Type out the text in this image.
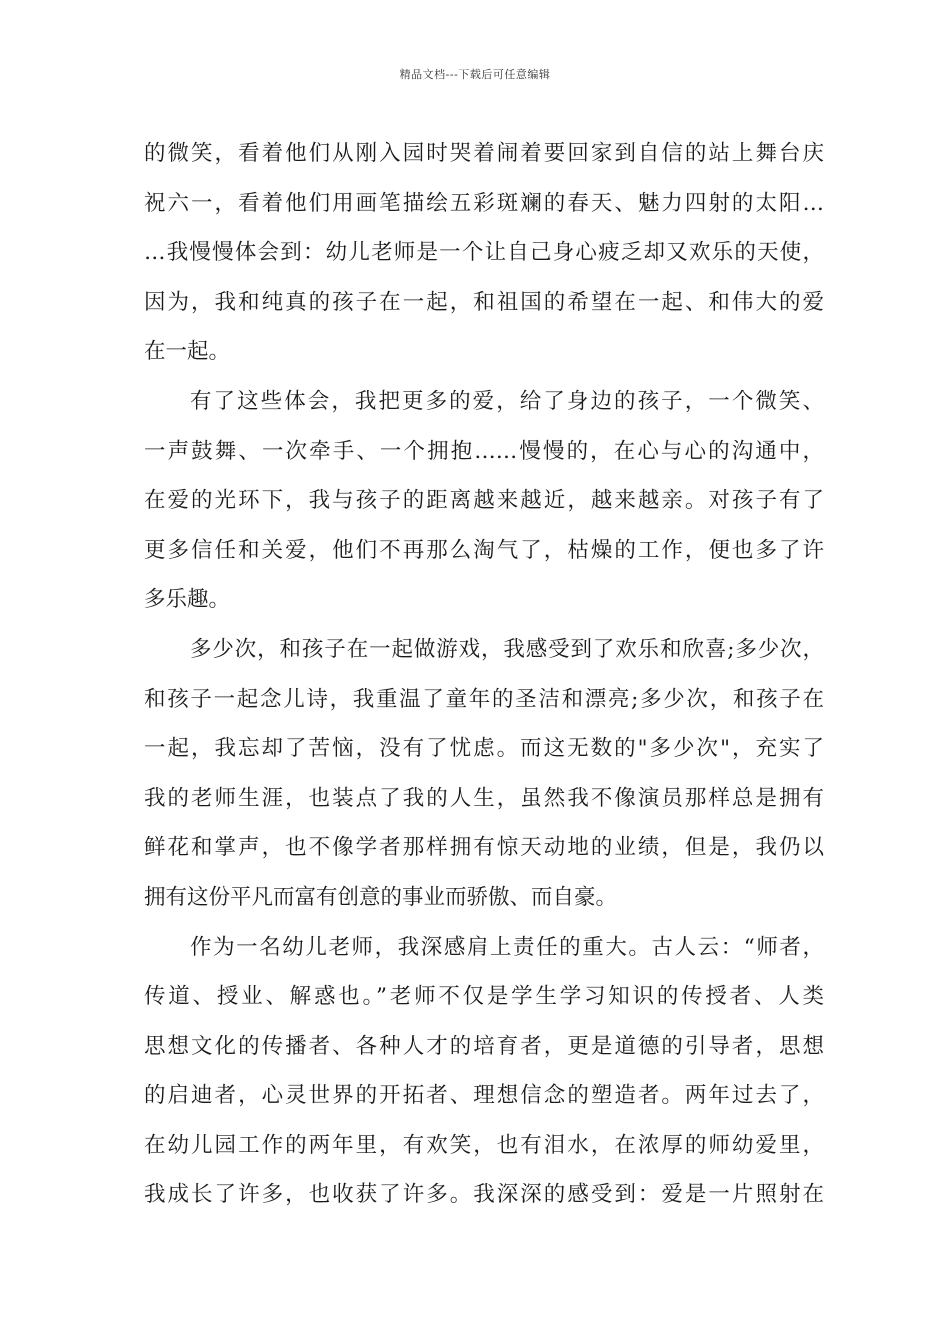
精品文档---下载后可任意编辑
的微笑，看着他们从刚入园时哭着闹着要回家到自信的站上舞台庆
祝六一，看着他们用画笔描绘五彩斑斓的春天、魅力四射的太阳…
…我慢慢体会到：幼儿老师是一个让自己身心疲乏却又欢乐的天使，
因为，我和纯真的孩子在一起，和祖国的希望在一起、和伟大的爱
在一起。
有了这些体会，我把更多的爱，给了身边的孩子，一个微笑、
一声鼓舞、一次牵手、一个拥抱……慢慢的，在心与心的沟通中，
在爱的光环下，我与孩子的距离越来越近，越来越亲。对孩子有了
更多信任和关爱，他们不再那么淘气了，枯燥的工作，便也多了许
多乐趣。
多少次，和孩子在一起做游戏，我感受到了欢乐和欣喜;多少次，
和孩子一起念儿诗，我重温了童年的圣洁和漂亮;多少次，和孩子在
一起，我忘却了苦恼，没有了忧虑。而这无数的"多少次"，充实了
我的老师生涯，也装点了我的人生，虽然我不像演员那样总是拥有
鲜花和掌声，也不像学者那样拥有惊天动地的业绩，但是，我仍以
拥有这份平凡而富有创意的事业而骄傲、而自豪。
作为一名幼儿老师，我深感肩上责任的重大。古人云：“师者，
传道、授业、解惑也。”老师不仅是学生学习知识的传授者、人类
思想文化的传播者、各种人才的培育者，更是道德的引导者，思想
的启迪者，心灵世界的开拓者、理想信念的塑造者。两年过去了，
在幼儿园工作的两年里，有欢笑，也有泪水，在浓厚的师幼爱里，
我成长了许多，也收获了许多。我深深的感受到：爱是一片照射在
